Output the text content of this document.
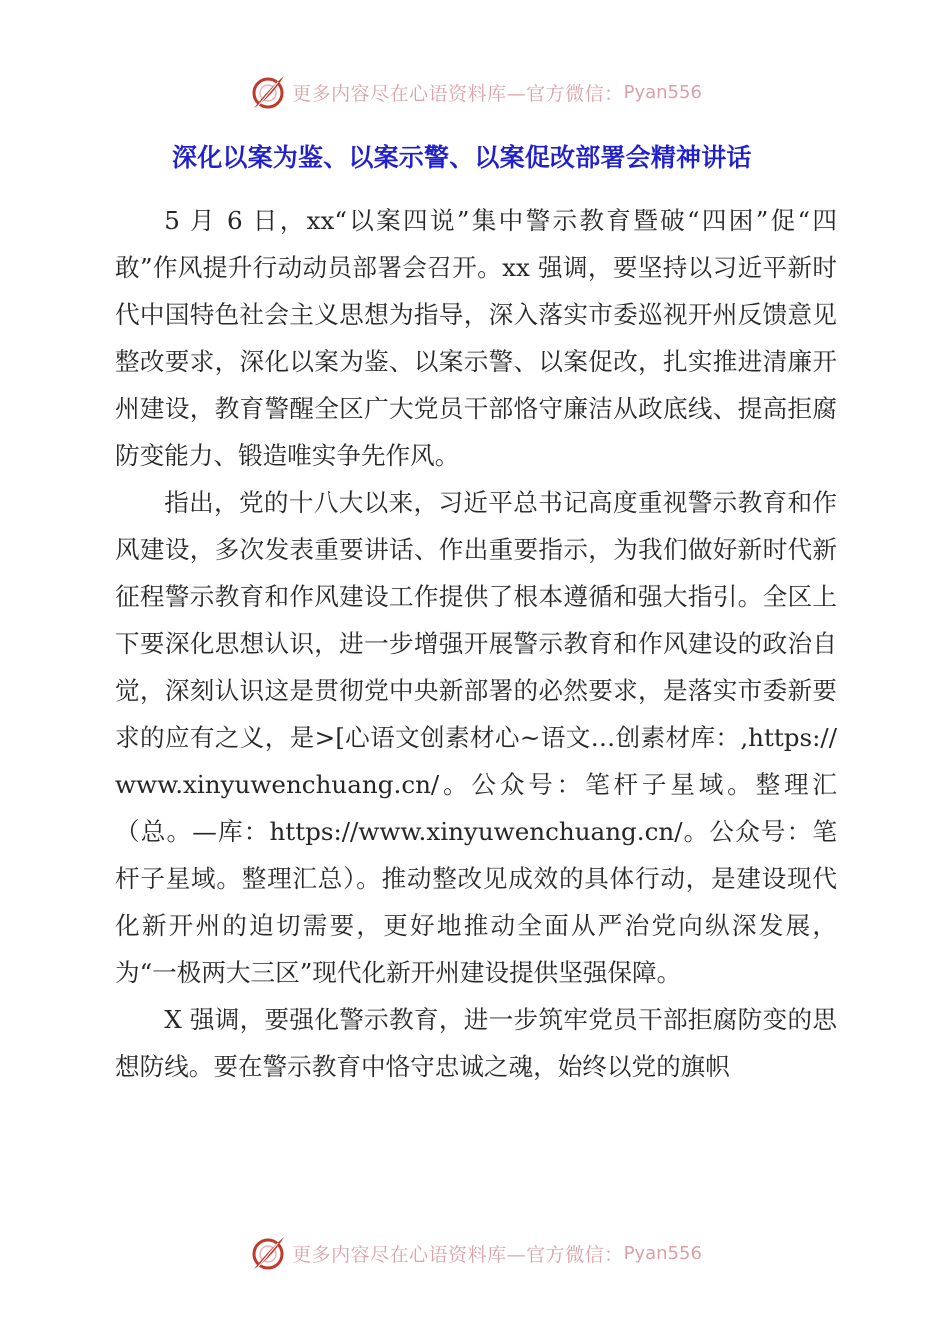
更多内容尽在心语资料库—官方微信： Pyan556
深化以案为鉴、以案示警、以案促改部署会精神讲话

5 月 6 日，xx“以案四说”集中警示教育暨破“四困”促“四敢”作风提升行动动员部署会召开。xx 强调，要坚持以习近平新时代中国特色社会主义思想为指导，深入落实市委巡视开州反馈意见整改要求，深化以案为鉴、以案示警、以案促改，扎实推进清廉开州建设，教育警醒全区广大党员干部恪守廉洁从政底线、提高拒腐防变能力、锻造唯实争先作风。

指出，党的十八大以来，习近平总书记高度重视警示教育和作风建设，多次发表重要讲话、作出重要指示，为我们做好新时代新征程警示教育和作风建设工作提供了根本遵循和强大指引。全区上下要深化思想认识，进一步增强开展警示教育和作风建设的政治自觉，深刻认识这是贯彻党中央新部署的必然要求，是落实市委新要求的应有之义，是>[心语文创素材心~语文…创素材库：,https://www.xinyuwenchuang.cn/。公众号：笔杆子星域。整理汇（总。—库：https://www.xinyuwenchuang.cn/。公众号：笔杆子星域。整理汇总）。推动整改见成效的具体行动，是建设现代化新开州的迫切需要，更好地推动全面从严治党向纵深发展，为“一极两大三区”现代化新开州建设提供坚强保障。

X 强调，要强化警示教育，进一步筑牢党员干部拒腐防变的思想防线。要在警示教育中恪守忠诚之魂，始终以党的旗帜

更多内容尽在心语资料库—官方微信： Pyan556
